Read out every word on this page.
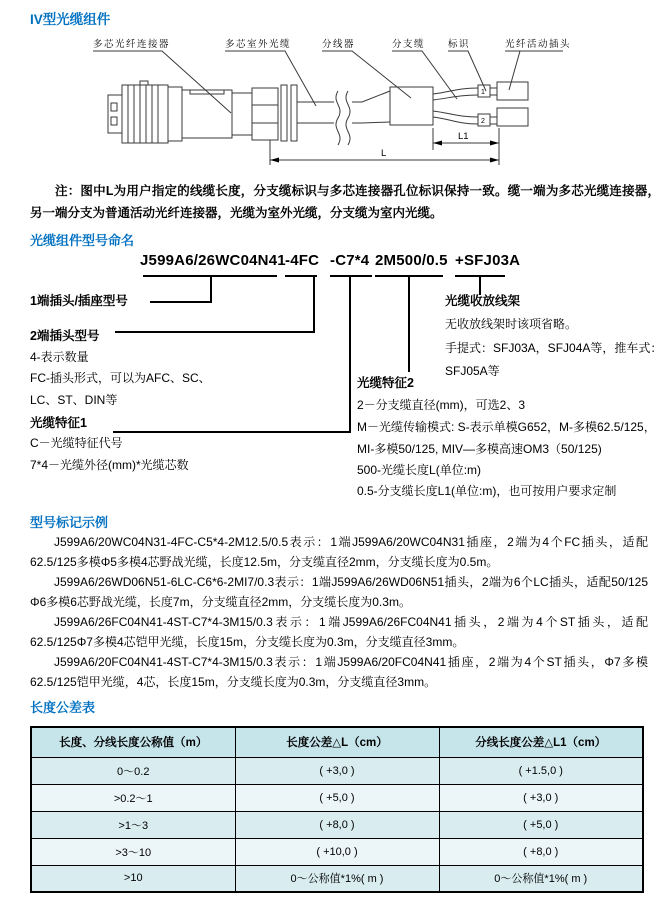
IV型光缆组件
多芯光纤连接器	多芯室外光缆	分线器	分支缆 标识	光纤活动插头
1
2
L1
L
注：图中L为用户指定的线缆长度，分支缆标识与多芯连接器孔位标识保持一致。缆一端为多芯光缆连接器，另一端分支为普通活动光纤连接器，光缆为室外光缆，分支缆为室内光缆。
光缆组件型号命名
J599A6/26WC04N41 -4FC -C7*4 2M500/0.5 +SFJ03A
1端插头/插座型号
2端插头型号
4-表示数量
FC-插头形式，可以为AFC、SC、
LC、ST、DIN等
光缆特征1
C－光缆特征代号
7*4－光缆外径(mm)*光缆芯数
光缆收放线架
无收放线架时该项省略。
手提式：SFJ03A，SFJ04A等，推车式：
SFJ05A等
光缆特征2
2－分支缆直径(mm)，可选2、3
M－光缆传输模式: S-表示单模G652，M-多模62.5/125，
MI-多模50/125, MIV—多模高速OM3（50/125)
500-光缆长度L(单位:m)
0.5-分支缆长度L1(单位:m)，也可按用户要求定制
型号标记示例

J599A6/20WC04N31-4FC-C5*4-2M12.5/0.5表示：1端J599A6/20WC04N31插座，2端为4个FC插头，适配62.5/125多模Φ5多模4芯野战光缆，长度12.5m，分支缆直径2mm，分支缆长度为0.5m。

J599A6/26WD06N51-6LC-C6*6-2MI7/0.3表示：1端J599A6/26WD06N51插头，2端为6个LC插头，适配50/125 Φ6多模6芯野战光缆，长度7m，分支缆直径2mm，分支缆长度为0.3m。

J599A6/26FC04N41-4ST-C7*4-3M15/0.3表示：1端J599A6/26FC04N41插头，2端为4个ST插头，适配62.5/125Φ7多模4芯铠甲光缆，长度15m，分支缆长度为0.3m，分支缆直径3mm。

J599A6/20FC04N41-4ST-C7*4-3M15/0.3表示：1端J599A6/20FC04N41插座，2端为4个ST插头，Φ7多模62.5/125铠甲光缆，4芯，长度15m，分支缆长度为0.3m，分支缆直径3mm。

长度公差表
长度、分线长度公称值（m）	长度公差△L（cm）	分线长度公差△L1（cm）
0～0.2	( +3,0 )	( +1.5,0 )
>0.2～1	( +5,0 )	( +3,0 )
>1～3	( +8,0 )	( +5,0 )
>3～10	( +10,0 )	( +8,0 )
>10	0～公称值*1%( m )	0～公称值*1%( m )
